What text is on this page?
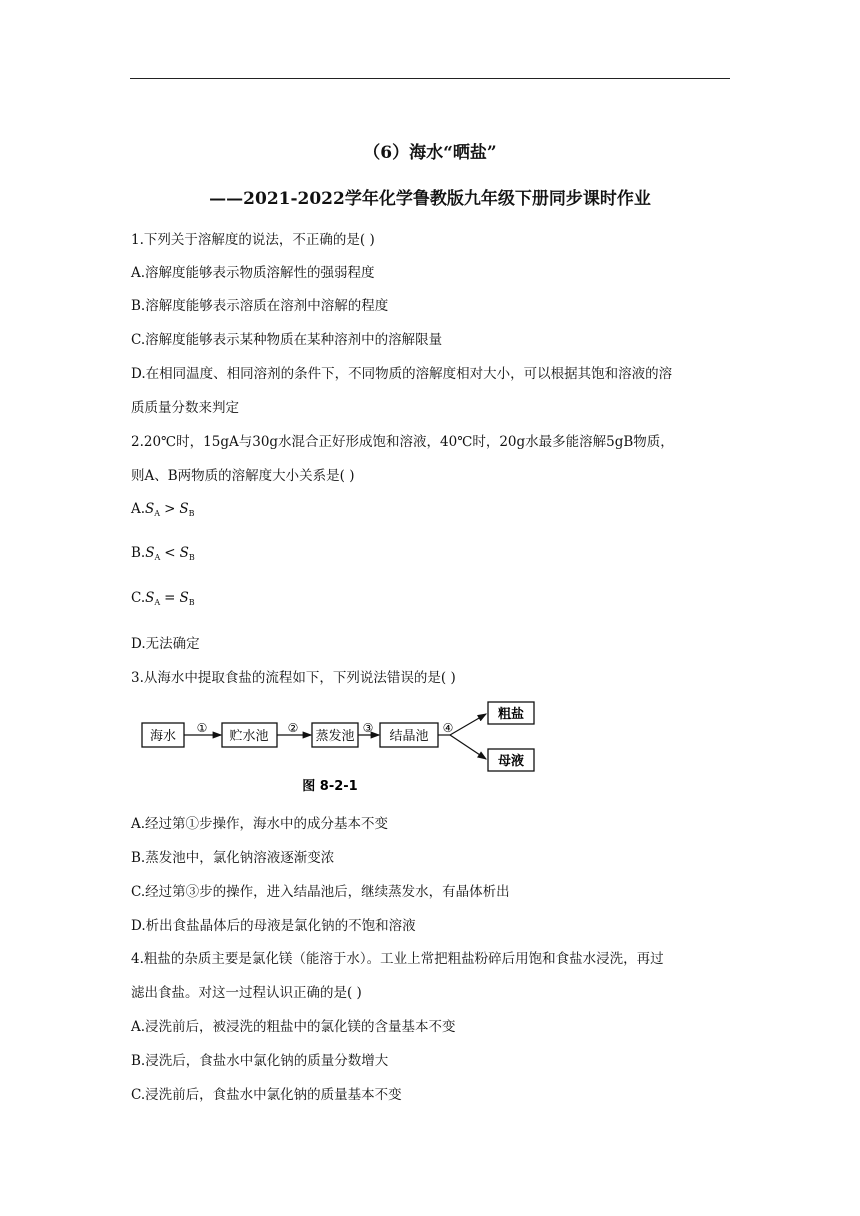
（6）海水“晒盐”
——2021-2022学年化学鲁教版九年级下册同步课时作业
1.下列关于溶解度的说法，不正确的是( )
A.溶解度能够表示物质溶解性的强弱程度
B.溶解度能够表示溶质在溶剂中溶解的程度
C.溶解度能够表示某种物质在某种溶剂中的溶解限量
D.在相同温度、相同溶剂的条件下，不同物质的溶解度相对大小，可以根据其饱和溶液的溶
质质量分数来判定
2.20℃时，15gA与30g水混合正好形成饱和溶液，40℃时，20g水最多能溶解5gB物质，
则A、B两物质的溶解度大小关系是( )
$A.S_A > S_B$
$B.S_A < S_B$
$C.S_A = S_B$
D.无法确定
3.从海水中提取食盐的流程如下，下列说法错误的是( )
海水	贮水池	蒸发池	结晶池
粗盐
母液
①	②	③	④
图 8-2-1
A.经过第①步操作，海水中的成分基本不变
B.蒸发池中，氯化钠溶液逐渐变浓
C.经过第③步的操作，进入结晶池后，继续蒸发水，有晶体析出
D.析出食盐晶体后的母液是氯化钠的不饱和溶液
4.粗盐的杂质主要是氯化镁（能溶于水）。工业上常把粗盐粉碎后用饱和食盐水浸洗，再过
滤出食盐。对这一过程认识正确的是( )
A.浸洗前后，被浸洗的粗盐中的氯化镁的含量基本不变
B.浸洗后，食盐水中氯化钠的质量分数增大
C.浸洗前后，食盐水中氯化钠的质量基本不变
